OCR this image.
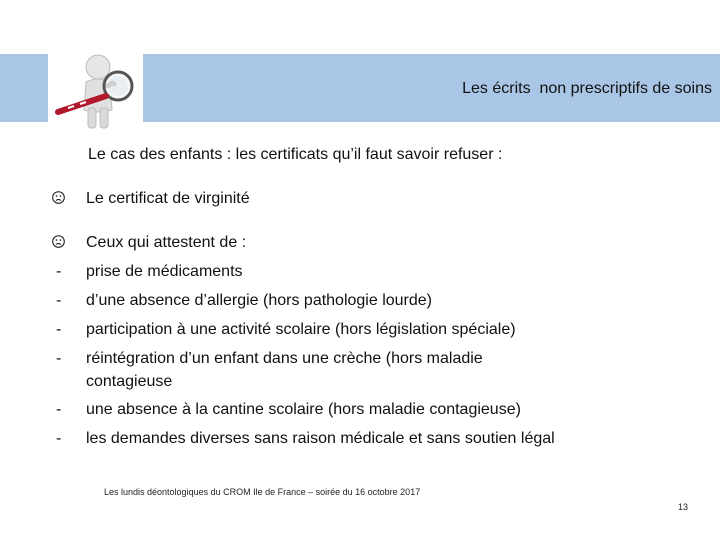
Les écrits  non prescriptifs de soins
Le cas des enfants : les certificats qu’il faut savoir refuser :
Le certificat de virginité
Ceux qui attestent de :
- prise de médicaments
- d’une absence d’allergie (hors pathologie lourde)
- participation à une activité scolaire (hors législation spéciale)
- réintégration d’un enfant dans une crèche (hors maladie
contagieuse
- une absence à la cantine scolaire (hors maladie contagieuse)
- les demandes diverses sans raison médicale et sans soutien légal
Les lundis déontologiques du CROM Ile de France – soirée du 16 octobre 2017
13
